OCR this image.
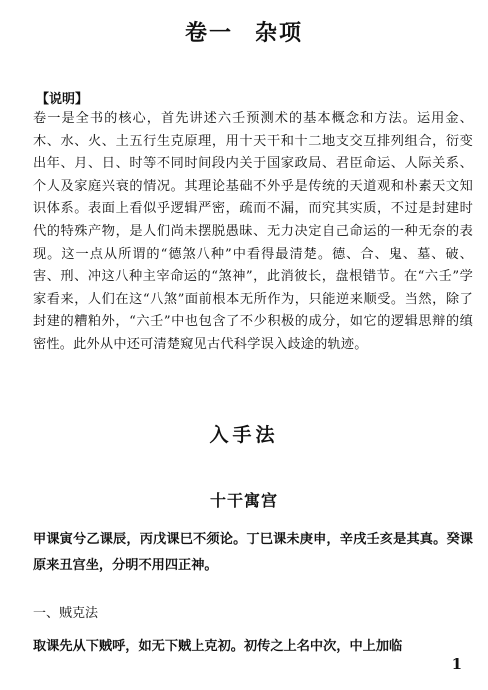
卷一 杂项
【说明】
卷一是全书的核心，首先讲述六壬预测术的基本概念和方法。运用金、木、水、火、土五行生克原理，用十天干和十二地支交互排列组合，衍变出年、月、日、时等不同时间段内关于国家政局、君臣命运、人际关系、个人及家庭兴衰的情况。其理论基础不外乎是传统的天道观和朴素天文知识体系。表面上看似乎逻辑严密，疏而不漏，而究其实质，不过是封建时代的特殊产物，是人们尚未摆脱愚昧、无力决定自己命运的一种无奈的表现。这一点从所谓的“德煞八种”中看得最清楚。德、合、鬼、墓、破、害、刑、冲这八种主宰命运的“煞神”，此消彼长，盘根错节。在“六壬”学家看来，人们在这“八煞”面前根本无所作为，只能逆来顺受。当然，除了封建的糟粕外，“六壬”中也包含了不少积极的成分，如它的逻辑思辩的缜密性。此外从中还可清楚窥见古代科学误入歧途的轨迹。
入手法
十干寓宫
甲课寅兮乙课辰，丙戊课巳不须论。丁巳课未庚申，辛戌壬亥是其真。癸课原来丑宫坐，分明不用四正神。
一、贼克法
取课先从下贼呼，如无下贼上克初。初传之上名中次，中上加临
1
